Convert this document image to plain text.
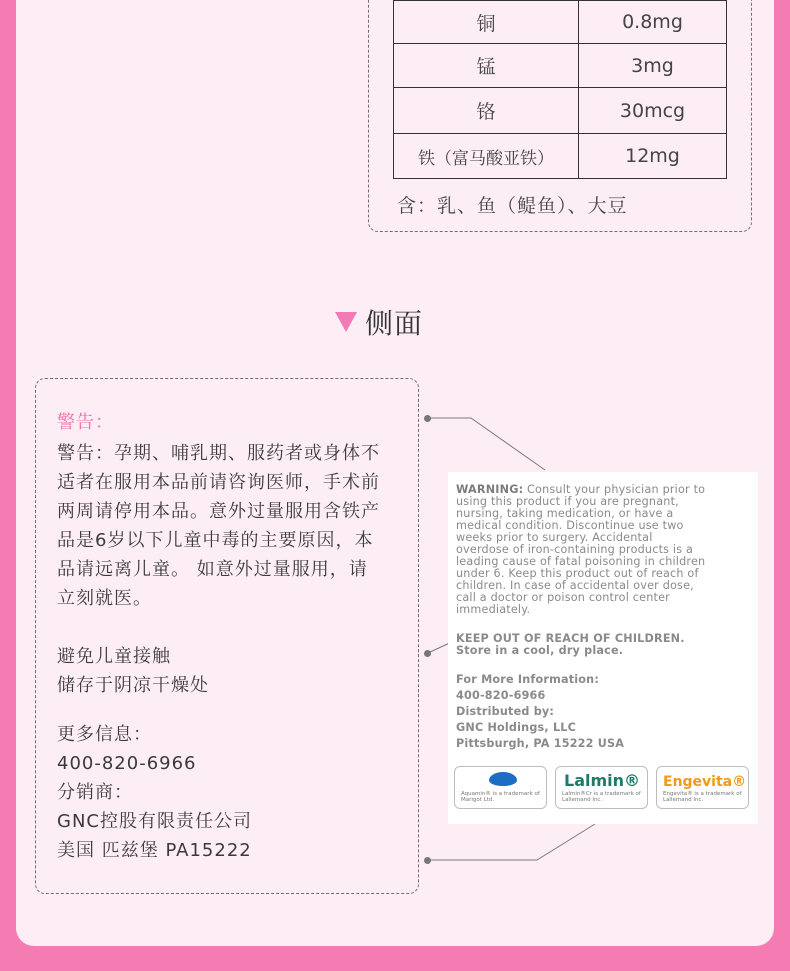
铜	0.8mg
锰	3mg
铬	30mcg
铁（富马酸亚铁）	12mg
含：乳、鱼（鳀鱼）、大豆
侧面
警告：
警告：孕期、哺乳期、服药者或身体不
适者在服用本品前请咨询医师，手术前
两周请停用本品。意外过量服用含铁产
品是6岁以下儿童中毒的主要原因，本
品请远离儿童。 如意外过量服用，请
立刻就医。
避免儿童接触
储存于阴凉干燥处
更多信息：
400-820-6966
分销商：
GNC控股有限责任公司
美国 匹兹堡 PA15222
WARNING: Consult your physician prior to
using this product if you are pregnant,
nursing, taking medication, or have a
medical condition. Discontinue use two
weeks prior to surgery. Accidental
overdose of iron-containing products is a
leading cause of fatal poisoning in children
under 6. Keep this product out of reach of
children. In case of accidental over dose,
call a doctor or poison control center
immediately.
KEEP OUT OF REACH OF CHILDREN.
Store in a cool, dry place.
For More Information:
400-820-6966
Distributed by:
GNC Holdings, LLC
Pittsburgh, PA 15222 USA
Aquamin® is a trademark of Marigot Ltd.
Lalmin®
Lalmin®Cr is a trademark of Lallemand Inc.
Engevita®
Engevita® is a trademark of Lallemand Inc.
